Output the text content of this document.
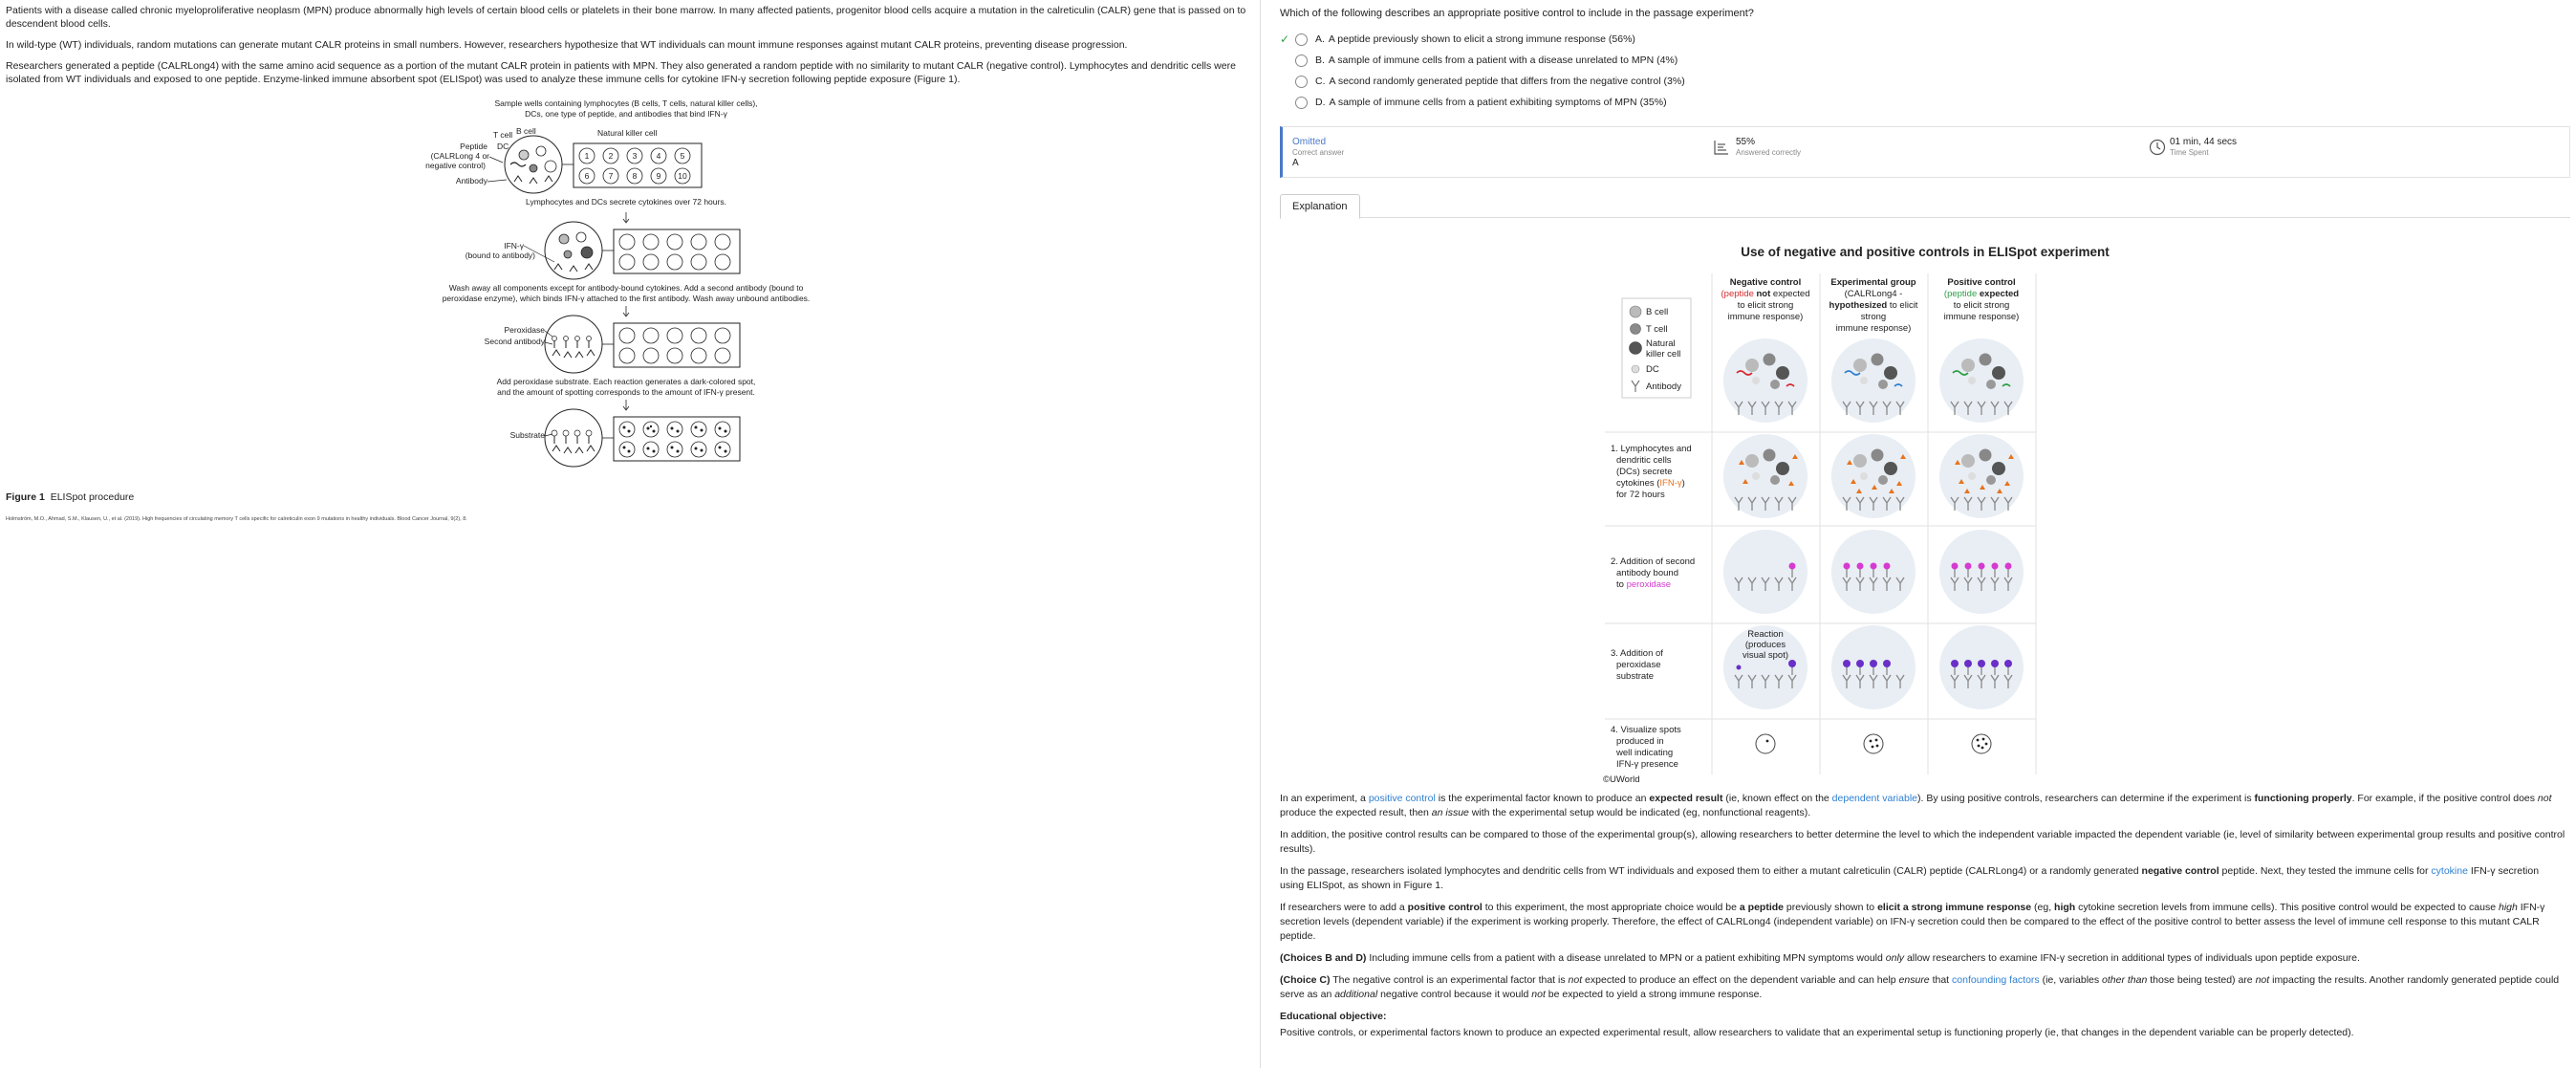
Patients with a disease called chronic myeloproliferative neoplasm (MPN) produce abnormally high levels of certain blood cells or platelets in their bone marrow. In many affected patients, progenitor blood cells acquire a mutation in the calreticulin (CALR) gene that is passed on to descendent blood cells.

In wild-type (WT) individuals, random mutations can generate mutant CALR proteins in small numbers. However, researchers hypothesize that WT individuals can mount immune responses against mutant CALR proteins, preventing disease progression.

Researchers generated a peptide (CALRLong4) with the same amino acid sequence as a portion of the mutant CALR protein in patients with MPN. They also generated a random peptide with no similarity to mutant CALR (negative control). Lymphocytes and dendritic cells were isolated from WT individuals and exposed to one peptide. Enzyme-linked immune absorbent spot (ELISpot) was used to analyze these immune cells for cytokine IFN-γ secretion following peptide exposure (Figure 1).

Sample wells containing lymphocytes (B cells, T cells, natural killer cells),
DCs, one type of peptide, and antibodies that bind IFN-γ
B cell
T cell	Natural killer cell
DC
Peptide
(CALRLong 4 or
negative control)
Antibody
1 2 3 4 5
6 7 8 9 10
Lymphocytes and DCs secrete cytokines over 72 hours.
IFN-γ
(bound to antibody)
Wash away all components except for antibody-bound cytokines. Add a second antibody (bound to
peroxidase enzyme), which binds IFN-γ attached to the first antibody. Wash away unbound antibodies.
Peroxidase
Second antibody
Add peroxidase substrate. Each reaction generates a dark-colored spot,
and the amount of spotting corresponds to the amount of IFN-γ present.
Substrate
Figure 1 ELISpot procedure
Holmström, M.O., Ahmad, S.M., Klausen, U., et al. (2019). High frequencies of circulating memory T cells specific for calreticulin exon 9 mutations in healthy individuals. Blood Cancer Journal, 9(2), 8.
Which of the following describes an appropriate positive control to include in the passage experiment?
✓	A. A peptide previously shown to elicit a strong immune response
(56%)
B. A sample of immune cells from a patient with a disease unrelated to MPN
(4%)
C. A second randomly generated peptide that differs from the negative control
(3%)
D. A sample of immune cells from a patient exhibiting symptoms of MPN
(35%)
Omitted
Correct answer
A
55%
Answered correctly
01 min, 44 secs
Time Spent
Explanation
Use of negative and positive controls in ELISpot experiment
Negative control
(peptide not expected
to elicit strong
immune response)
Experimental group
(CALRLong4 -
hypothesized to elicit
strong
immune response)
Positive control
(peptide expected
to elicit strong
immune response)
B cell
T cell
Natural
killer cell
DC
Antibody
1. Lymphocytes and
dendritic cells
(DCs) secrete
cytokines (IFN-γ)
for 72 hours
2. Addition of second
antibody bound
to peroxidase
3. Addition of
peroxidase
substrate
4. Visualize spots
produced in
well indicating
IFN-γ presence
©UWorld
Reaction
(produces
visual spot)

In an experiment, a positive control is the experimental factor known to produce an expected result (ie, known effect on the dependent variable). By using positive controls, researchers can determine if the experiment is functioning properly. For example, if the positive control does not produce the expected result, then an issue with the experimental setup would be indicated (eg, nonfunctional reagents).

In addition, the positive control results can be compared to those of the experimental group(s), allowing researchers to better determine the level to which the independent variable impacted the dependent variable (ie, level of similarity between experimental group results and positive control results).

In the passage, researchers isolated lymphocytes and dendritic cells from WT individuals and exposed them to either a mutant calreticulin (CALR) peptide (CALRLong4) or a randomly generated negative control peptide. Next, they tested the immune cells for cytokine IFN-γ secretion using ELISpot, as shown in Figure 1.

If researchers were to add a positive control to this experiment, the most appropriate choice would be a peptide previously shown to elicit a strong immune response (eg, high cytokine secretion levels from immune cells). This positive control would be expected to cause high IFN-γ secretion levels (dependent variable) if the experiment is working properly. Therefore, the effect of CALRLong4 (independent variable) on IFN-γ secretion could then be compared to the effect of the positive control to better assess the level of immune cell response to this mutant CALR peptide.

(Choices B and D) Including immune cells from a patient with a disease unrelated to MPN or a patient exhibiting MPN symptoms would only allow researchers to examine IFN-γ secretion in additional types of individuals upon peptide exposure.

(Choice C) The negative control is an experimental factor that is not expected to produce an effect on the dependent variable and can help ensure that confounding factors (ie, variables other than those being tested) are not impacting the results. Another randomly generated peptide could serve as an additional negative control because it would not be expected to yield a strong immune response.

Educational objective:
Positive controls, or experimental factors known to produce an expected experimental result, allow researchers to validate that an experimental setup is functioning properly (ie, that changes in the dependent variable can be properly detected).
